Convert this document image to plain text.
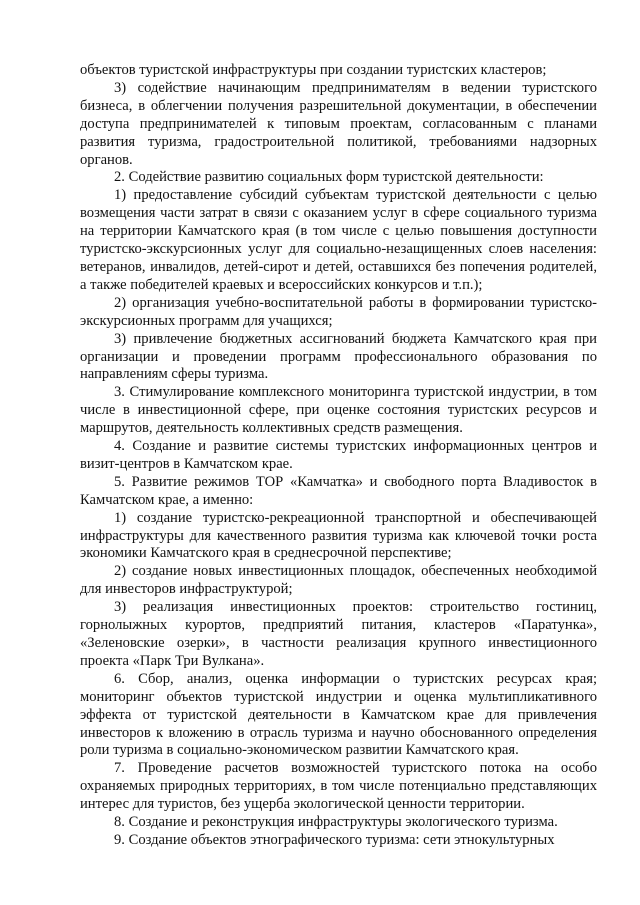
объектов туристской инфраструктуры при создании туристских кластеров;

3) содействие начинающим предпринимателям в ведении туристского бизнеса, в облегчении получения разрешительной документации, в обеспечении доступа предпринимателей к типовым проектам, согласованным с планами развития туризма, градостроительной политикой, требованиями надзорных органов.

2. Содействие развитию социальных форм туристской деятельности:

1) предоставление субсидий субъектам туристской деятельности с целью возмещения части затрат в связи с оказанием услуг в сфере социального туризма на территории Камчатского края (в том числе с целью повышения доступности туристско-экскурсионных услуг для социально-незащищенных слоев населения: ветеранов, инвалидов, детей-сирот и детей, оставшихся без попечения родителей, а также победителей краевых и всероссийских конкурсов и т.п.);

2) организация учебно-воспитательной работы в формировании туристско-экскурсионных программ для учащихся;

3) привлечение бюджетных ассигнований бюджета Камчатского края при организации и проведении программ профессионального образования по направлениям сферы туризма.

3. Стимулирование комплексного мониторинга туристской индустрии, в том числе в инвестиционной сфере, при оценке состояния туристских ресурсов и маршрутов, деятельность коллективных средств размещения.

4. Создание и развитие системы туристских информационных центров и визит-центров в Камчатском крае.

5. Развитие режимов ТОР «Камчатка» и свободного порта Владивосток в Камчатском крае, а именно:

1) создание туристско-рекреационной транспортной и обеспечивающей инфраструктуры для качественного развития туризма как ключевой точки роста экономики Камчатского края в среднесрочной перспективе;

2) создание новых инвестиционных площадок, обеспеченных необходимой для инвесторов инфраструктурой;

3) реализация инвестиционных проектов: строительство гостиниц, горнолыжных курортов, предприятий питания, кластеров «Паратунка», «Зеленовские озерки», в частности реализация крупного инвестиционного проекта «Парк Три Вулкана».

6. Сбор, анализ, оценка информации о туристских ресурсах края; мониторинг объектов туристской индустрии и оценка мультипликативного эффекта от туристской деятельности в Камчатском крае для привлечения инвесторов к вложению в отрасль туризма и научно обоснованного определения роли туризма в социально-экономическом развитии Камчатского края.

7. Проведение расчетов возможностей туристского потока на особо охраняемых природных территориях, в том числе потенциально представляющих интерес для туристов, без ущерба экологической ценности территории.

8. Создание и реконструкция инфраструктуры экологического туризма.

9. Создание объектов этнографического туризма: сети этнокультурных
